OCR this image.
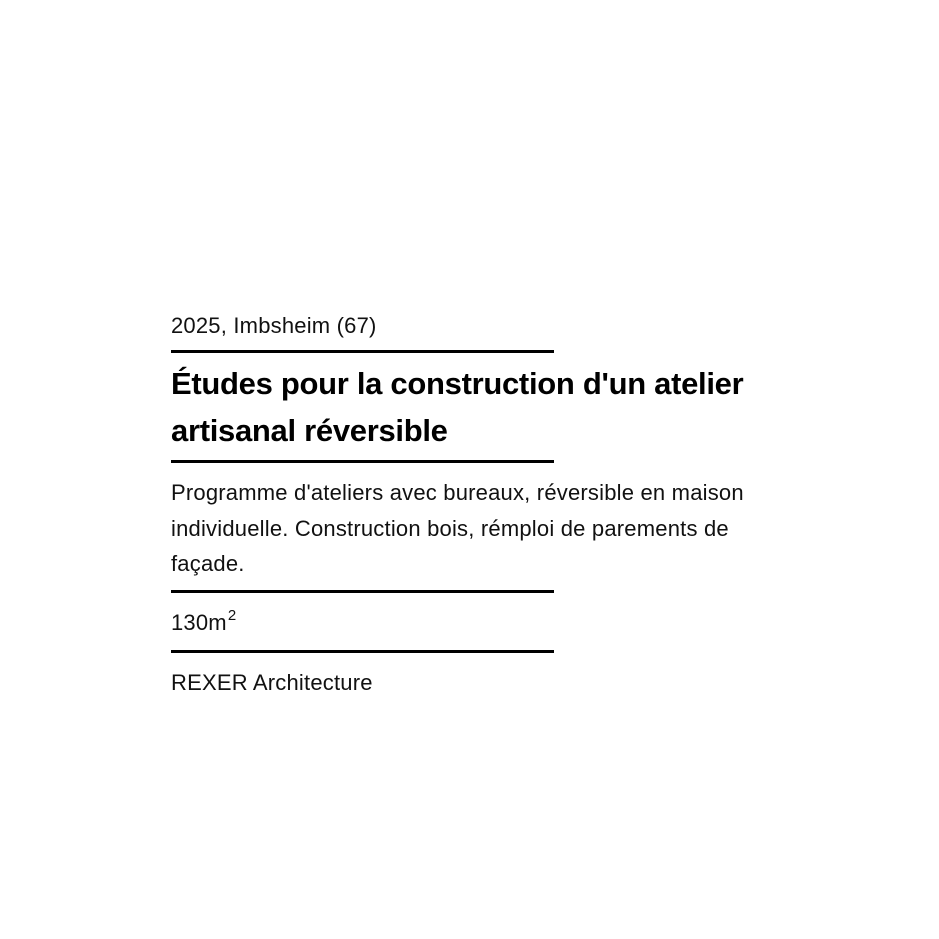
2025, Imbsheim (67)

Études pour la construction d'un atelier artisanal réversible

Programme d'ateliers avec bureaux, réversible en maison individuelle. Construction bois, rémploi de parements de façade.

$130m^2$

REXER Architecture
